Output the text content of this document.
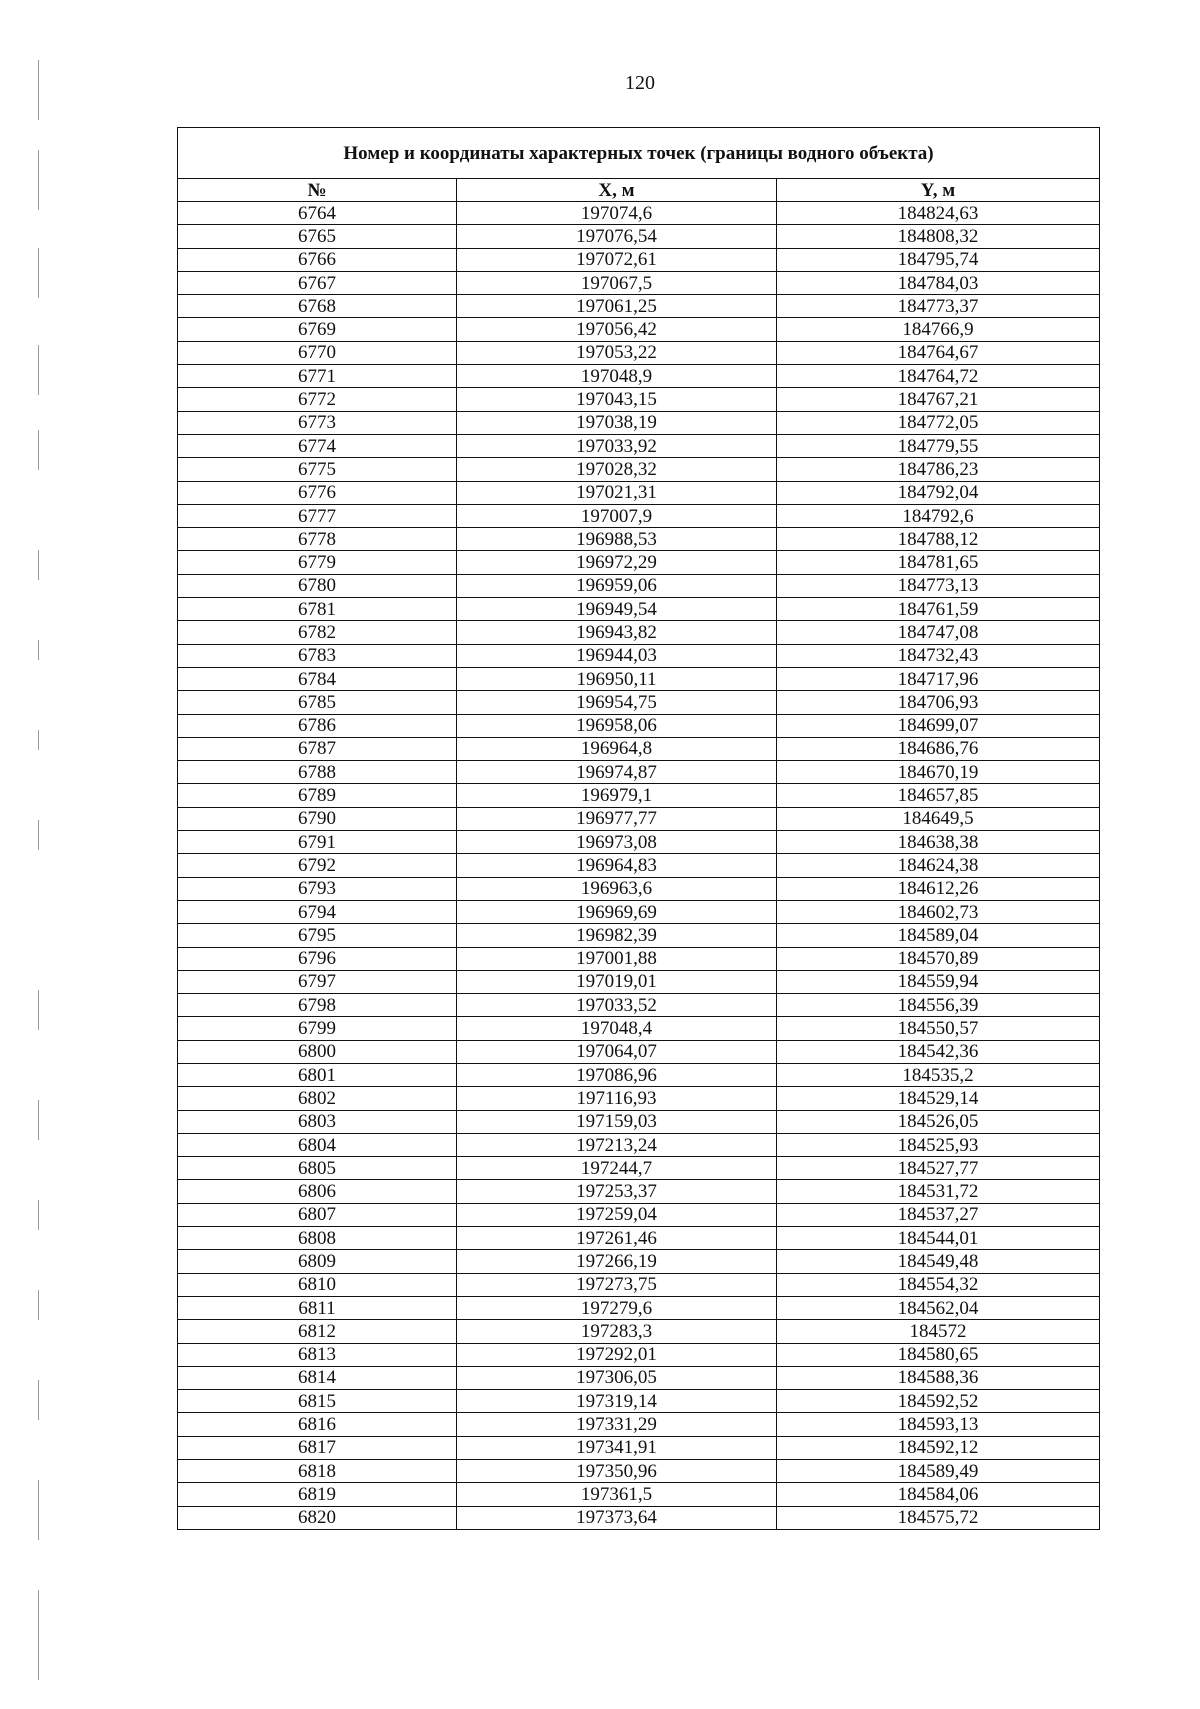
120
Номер и координаты характерных точек (границы водного объекта)		
№	X, м	Y, м
6764	197074,6	184824,63
6765	197076,54	184808,32
6766	197072,61	184795,74
6767	197067,5	184784,03
6768	197061,25	184773,37
6769	197056,42	184766,9
6770	197053,22	184764,67
6771	197048,9	184764,72
6772	197043,15	184767,21
6773	197038,19	184772,05
6774	197033,92	184779,55
6775	197028,32	184786,23
6776	197021,31	184792,04
6777	197007,9	184792,6
6778	196988,53	184788,12
6779	196972,29	184781,65
6780	196959,06	184773,13
6781	196949,54	184761,59
6782	196943,82	184747,08
6783	196944,03	184732,43
6784	196950,11	184717,96
6785	196954,75	184706,93
6786	196958,06	184699,07
6787	196964,8	184686,76
6788	196974,87	184670,19
6789	196979,1	184657,85
6790	196977,77	184649,5
6791	196973,08	184638,38
6792	196964,83	184624,38
6793	196963,6	184612,26
6794	196969,69	184602,73
6795	196982,39	184589,04
6796	197001,88	184570,89
6797	197019,01	184559,94
6798	197033,52	184556,39
6799	197048,4	184550,57
6800	197064,07	184542,36
6801	197086,96	184535,2
6802	197116,93	184529,14
6803	197159,03	184526,05
6804	197213,24	184525,93
6805	197244,7	184527,77
6806	197253,37	184531,72
6807	197259,04	184537,27
6808	197261,46	184544,01
6809	197266,19	184549,48
6810	197273,75	184554,32
6811	197279,6	184562,04
6812	197283,3	184572
6813	197292,01	184580,65
6814	197306,05	184588,36
6815	197319,14	184592,52
6816	197331,29	184593,13
6817	197341,91	184592,12
6818	197350,96	184589,49
6819	197361,5	184584,06
6820	197373,64	184575,72
